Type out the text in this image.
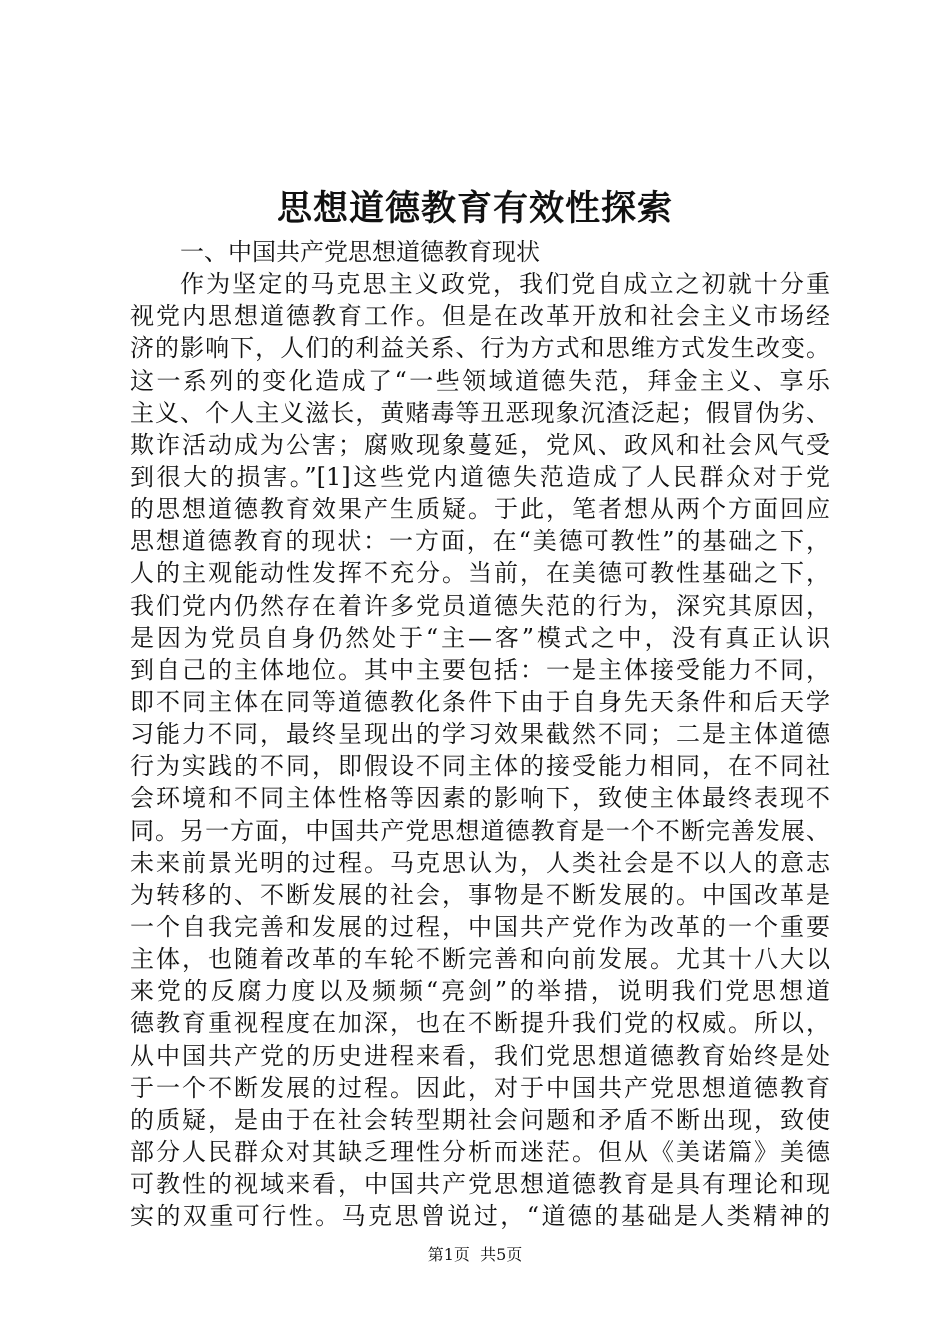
思想道德教育有效性探索
一、中国共产党思想道德教育现状
作为坚定的马克思主义政党，我们党自成立之初就十分重
视党内思想道德教育工作。但是在改革开放和社会主义市场经
济的影响下，人们的利益关系、行为方式和思维方式发生改变。
这一系列的变化造成了“一些领域道德失范，拜金主义、享乐
主义、个人主义滋长，黄赌毒等丑恶现象沉渣泛起；假冒伪劣、
欺诈活动成为公害；腐败现象蔓延，党风、政风和社会风气受
到很大的损害。”[1]这些党内道德失范造成了人民群众对于党
的思想道德教育效果产生质疑。于此，笔者想从两个方面回应
思想道德教育的现状：一方面，在“美德可教性”的基础之下，
人的主观能动性发挥不充分。当前，在美德可教性基础之下，
我们党内仍然存在着许多党员道德失范的行为，深究其原因，
是因为党员自身仍然处于“主—客”模式之中，没有真正认识
到自己的主体地位。其中主要包括：一是主体接受能力不同，
即不同主体在同等道德教化条件下由于自身先天条件和后天学
习能力不同，最终呈现出的学习效果截然不同；二是主体道德
行为实践的不同，即假设不同主体的接受能力相同，在不同社
会环境和不同主体性格等因素的影响下，致使主体最终表现不
同。另一方面，中国共产党思想道德教育是一个不断完善发展、
未来前景光明的过程。马克思认为，人类社会是不以人的意志
为转移的、不断发展的社会，事物是不断发展的。中国改革是
一个自我完善和发展的过程，中国共产党作为改革的一个重要
主体，也随着改革的车轮不断完善和向前发展。尤其十八大以
来党的反腐力度以及频频“亮剑”的举措，说明我们党思想道
德教育重视程度在加深，也在不断提升我们党的权威。所以，
从中国共产党的历史进程来看，我们党思想道德教育始终是处
于一个不断发展的过程。因此，对于中国共产党思想道德教育
的质疑，是由于在社会转型期社会问题和矛盾不断出现，致使
部分人民群众对其缺乏理性分析而迷茫。但从《美诺篇》美德
可教性的视域来看，中国共产党思想道德教育是具有理论和现
实的双重可行性。马克思曾说过，“道德的基础是人类精神的
第1页  共5页
